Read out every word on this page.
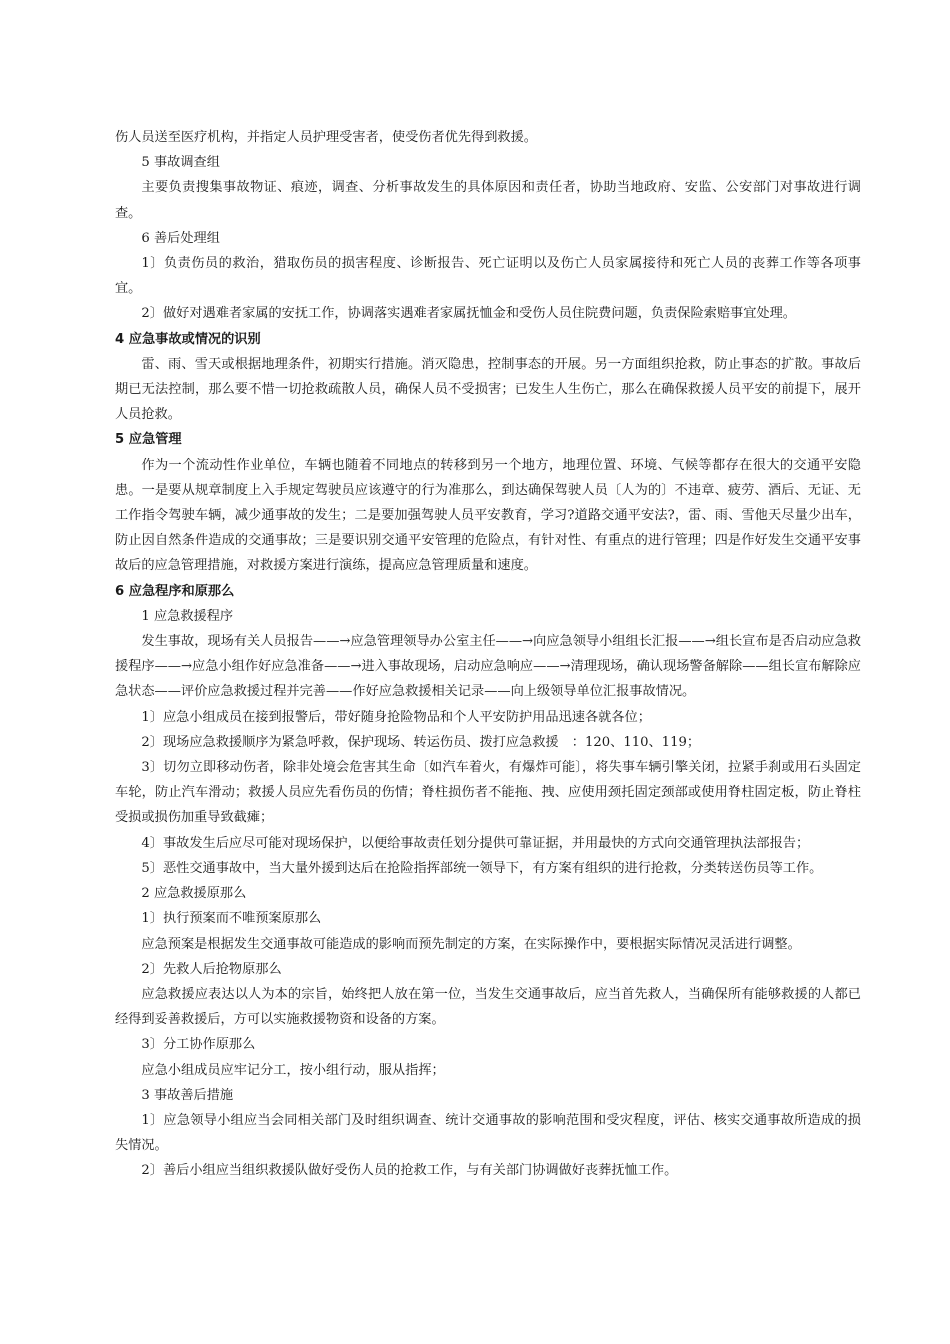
伤人员送至医疗机构，并指定人员护理受害者，使受伤者优先得到救援。

5 事故调查组

主要负责搜集事故物证、痕迹，调查、分析事故发生的具体原因和责任者，协助当地政府、安监、公安部门对事故进行调查。

6 善后处理组

1〕负责伤员的救治，猎取伤员的损害程度、诊断报告、死亡证明以及伤亡人员家属接待和死亡人员的丧葬工作等各项事宜。

2〕做好对遇难者家属的安抚工作，协调落实遇难者家属抚恤金和受伤人员住院费问题，负责保险索赔事宜处理。

4 应急事故或情况的识别

雷、雨、雪天或根据地理条件，初期实行措施。消灭隐患，控制事态的开展。另一方面组织抢救，防止事态的扩散。事故后期已无法控制，那么要不惜一切抢救疏散人员，确保人员不受损害；已发生人生伤亡，那么在确保救援人员平安的前提下，展开人员抢救。

5 应急管理

作为一个流动性作业单位，车辆也随着不同地点的转移到另一个地方，地理位置、环境、气候等都存在很大的交通平安隐患。一是要从规章制度上入手规定驾驶员应该遵守的行为准那么，到达确保驾驶人员〔人为的〕不违章、疲劳、酒后、无证、无工作指令驾驶车辆，减少通事故的发生；二是要加强驾驶人员平安教育，学习?道路交通平安法?，雷、雨、雪他天尽量少出车，防止因自然条件造成的交通事故；三是要识别交通平安管理的危险点，有针对性、有重点的进行管理；四是作好发生交通平安事故后的应急管理措施，对救援方案进行演练，提高应急管理质量和速度。

6 应急程序和原那么

1 应急救援程序

发生事故，现场有关人员报告——→应急管理领导办公室主任——→向应急领导小组组长汇报——→组长宣布是否启动应急救援程序——→应急小组作好应急准备——→进入事故现场，启动应急响应——→清理现场，确认现场警备解除——组长宣布解除应急状态——评价应急救援过程并完善——作好应急救援相关记录——向上级领导单位汇报事故情况。

1〕应急小组成员在接到报警后，带好随身抢险物品和个人平安防护用品迅速各就各位；

2〕现场应急救援顺序为紧急呼救，保护现场、转运伤员、拨打应急救援　：120、110、119；

3〕切勿立即移动伤者，除非处境会危害其生命〔如汽车着火，有爆炸可能〕，将失事车辆引擎关闭，拉紧手刹或用石头固定车轮，防止汽车滑动；救援人员应先看伤员的伤情；脊柱损伤者不能拖、拽、应使用颈托固定颈部或使用脊柱固定板，防止脊柱受损或损伤加重导致截瘫；

4〕事故发生后应尽可能对现场保护，以便给事故责任划分提供可靠证据，并用最快的方式向交通管理执法部报告；

5〕恶性交通事故中，当大量外援到达后在抢险指挥部统一领导下，有方案有组织的进行抢救，分类转送伤员等工作。

2 应急救援原那么

1〕执行预案而不唯预案原那么

应急预案是根据发生交通事故可能造成的影响而预先制定的方案，在实际操作中，要根据实际情况灵活进行调整。

2〕先救人后抢物原那么

应急救援应表达以人为本的宗旨，始终把人放在第一位，当发生交通事故后，应当首先救人，当确保所有能够救援的人都已经得到妥善救援后，方可以实施救援物资和设备的方案。

3〕分工协作原那么

应急小组成员应牢记分工，按小组行动，服从指挥；

3 事故善后措施

1〕应急领导小组应当会同相关部门及时组织调查、统计交通事故的影响范围和受灾程度，评估、核实交通事故所造成的损失情况。

2〕善后小组应当组织救援队做好受伤人员的抢救工作，与有关部门协调做好丧葬抚恤工作。
